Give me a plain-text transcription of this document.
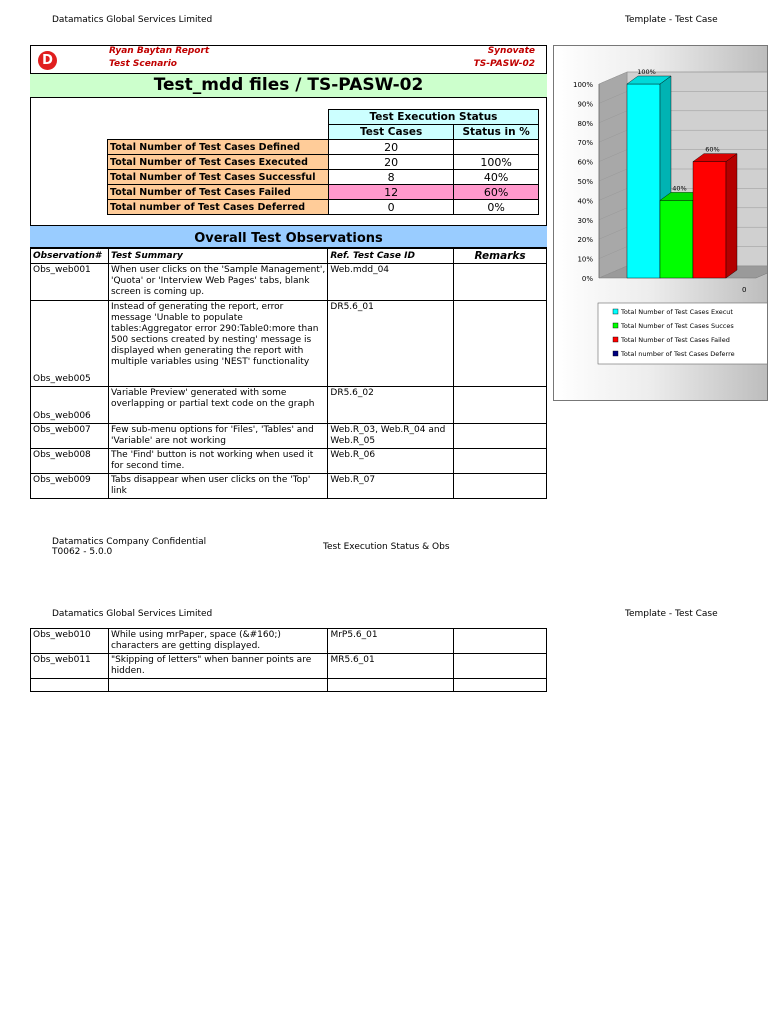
Datamatics Global Services Limited	Template - Test Case
D
Ryan Baytan Report
Test Scenario
Synovate
TS-PASW-02
Test_mdd files / TS-PASW-02
	Test Execution Status	
	Test Cases	Status in %
Total Number of Test Cases Defined	20	
Total Number of Test Cases Executed	20	100%
Total Number of Test Cases Successful	8	40%
Total Number of Test Cases Failed	12	60%
Total number of Test Cases Deferred	0	0%
Overall Test Observations
Observation#	Test Summary	Ref. Test Case ID	Remarks
Obs_web001	When user clicks on the 'Sample Management', 'Quota' or 'Interview Web Pages' tabs, blank screen is coming up.	Web.mdd_04	
Obs_web005	Instead of generating the report, error message 'Unable to populate tables:Aggregator error 290:Table0:more than 500 sections created by nesting' message is displayed when generating the report with multiple variables using 'NEST' functionality	DR5.6_01	
Obs_web006	Variable Preview' generated with some overlapping or partial text code on the graph	DR5.6_02	
Obs_web007	Few sub-menu options for 'Files', 'Tables' and 'Variable' are not working	Web.R_03, Web.R_04 and Web.R_05	
Obs_web008	The 'Find' button is not working when used it for second time.	Web.R_06	
Obs_web009	Tabs disappear when user clicks on the 'Top' link	Web.R_07	
0%
10%
20%
30%
40%
50%
60%
70%
80%
90%
100%
100%
40%
60%
0
Total Number of Test Cases Execut
Total Number of Test Cases Succes
Total Number of Test Cases Failed
Total number of Test Cases Deferre
Datamatics Company Confidential
T0062 - 5.0.0	Test Execution Status & Obs
Datamatics Global Services Limited	Template - Test Case
Obs_web010	While using mrPaper, space (&#160;) characters are getting displayed.	MrP5.6_01	
Obs_web011	"Skipping of letters" when banner points are hidden.	MR5.6_01	
